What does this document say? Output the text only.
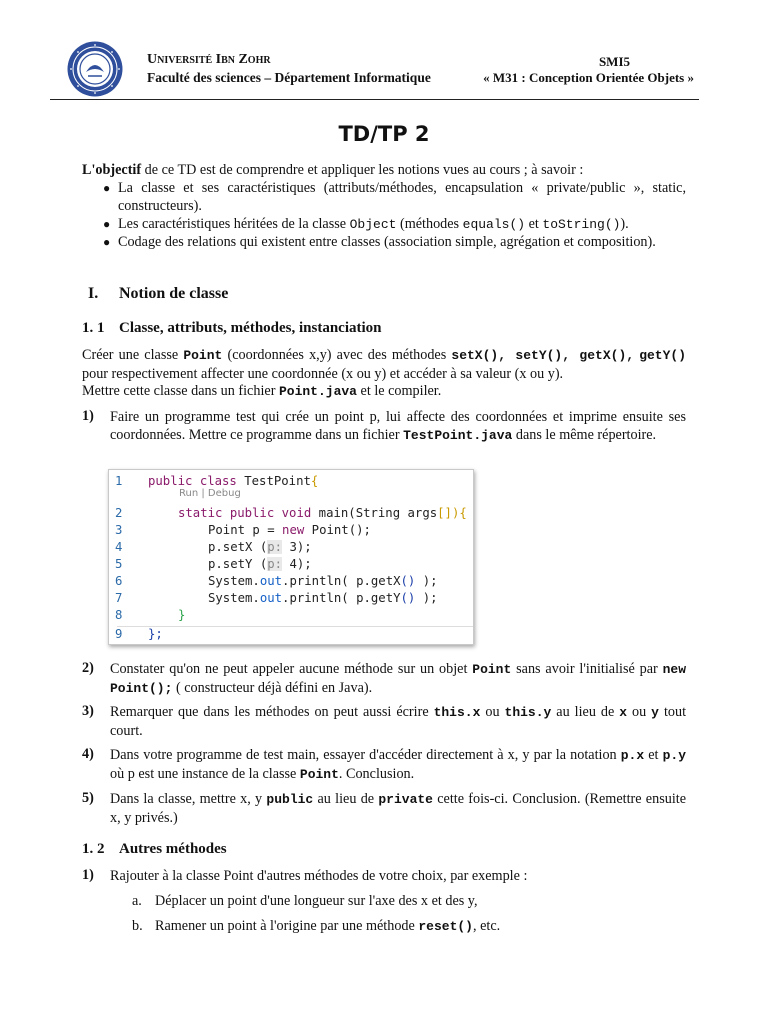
Université Ibn Zohr
Faculté des sciences – Département Informatique
SMI5
« M31 : Conception Orientée Objets »
TD/TP 2
L'objectif de ce TD est de comprendre et appliquer les notions vues au cours ; à savoir :
● La classe et ses caractéristiques (attributs/méthodes, encapsulation « private/public », static, constructeurs).
● Les caractéristiques héritées de la classe Object (méthodes equals() et toString()).
● Codage des relations qui existent entre classes (association simple, agrégation et composition).
I. Notion de classe
1. 1 Classe, attributs, méthodes, instanciation
Créer une classe Point (coordonnées x,y) avec des méthodes setX(), setY(), getX(), getY() pour respectivement affecter une coordonnée (x ou y) et accéder à sa valeur (x ou y).
Mettre cette classe dans un fichier Point.java et le compiler.
1) Faire un programme test qui crée un point p, lui affecte des coordonnées et imprime ensuite ses coordonnées. Mettre ce programme dans un fichier TestPoint.java dans le même répertoire.
1	public class TestPoint{
Run | Debug
2	static public void main(String args[]){
3	Point p = new Point();
4	p.setX (p: 3);
5	p.setY (p: 4);
6	System.out.println( p.getX() );
7	System.out.println( p.getY() );
8	}
9	};
2) Constater qu'on ne peut appeler aucune méthode sur un objet Point sans avoir l'initialisé par new Point(); ( constructeur déjà défini en Java).
3) Remarquer que dans les méthodes on peut aussi écrire this.x ou this.y au lieu de x ou y tout court.
4) Dans votre programme de test main, essayer d'accéder directement à x, y par la notation p.x et p.y où p est une instance de la classe Point. Conclusion.
5) Dans la classe, mettre x, y public au lieu de private cette fois-ci. Conclusion. (Remettre ensuite x, y privés.)
1. 2 Autres méthodes
1) Rajouter à la classe Point d'autres méthodes de votre choix, par exemple :
a. Déplacer un point d'une longueur sur l'axe des x et des y,
b. Ramener un point à l'origine par une méthode reset(), etc.
